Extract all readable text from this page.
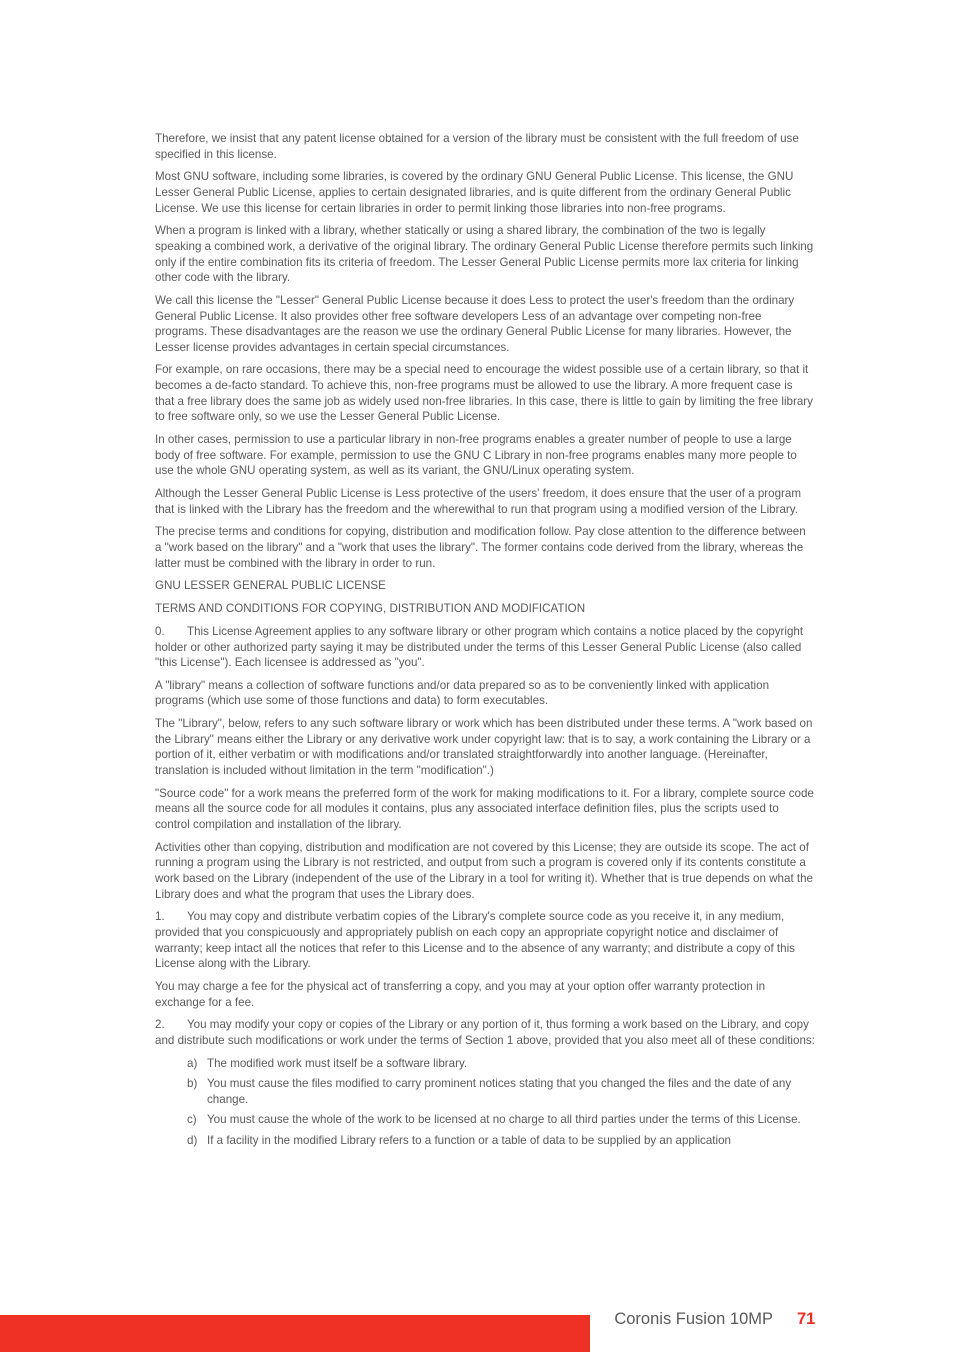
Therefore, we insist that any patent license obtained for a version of the library must be consistent with the full freedom of use specified in this license.

Most GNU software, including some libraries, is covered by the ordinary GNU General Public License. This license, the GNU Lesser General Public License, applies to certain designated libraries, and is quite different from the ordinary General Public License. We use this license for certain libraries in order to permit linking those libraries into non-free programs.

When a program is linked with a library, whether statically or using a shared library, the combination of the two is legally speaking a combined work, a derivative of the original library. The ordinary General Public License therefore permits such linking only if the entire combination fits its criteria of freedom. The Lesser General Public License permits more lax criteria for linking other code with the library.

We call this license the "Lesser" General Public License because it does Less to protect the user's freedom than the ordinary General Public License. It also provides other free software developers Less of an advantage over competing non-free programs. These disadvantages are the reason we use the ordinary General Public License for many libraries. However, the Lesser license provides advantages in certain special circumstances.

For example, on rare occasions, there may be a special need to encourage the widest possible use of a certain library, so that it becomes a de-facto standard. To achieve this, non-free programs must be allowed to use the library. A more frequent case is that a free library does the same job as widely used non-free libraries. In this case, there is little to gain by limiting the free library to free software only, so we use the Lesser General Public License.

In other cases, permission to use a particular library in non-free programs enables a greater number of people to use a large body of free software. For example, permission to use the GNU C Library in non-free programs enables many more people to use the whole GNU operating system, as well as its variant, the GNU/Linux operating system.

Although the Lesser General Public License is Less protective of the users' freedom, it does ensure that the user of a program that is linked with the Library has the freedom and the wherewithal to run that program using a modified version of the Library.

The precise terms and conditions for copying, distribution and modification follow. Pay close attention to the difference between a "work based on the library" and a "work that uses the library". The former contains code derived from the library, whereas the latter must be combined with the library in order to run.

GNU LESSER GENERAL PUBLIC LICENSE

TERMS AND CONDITIONS FOR COPYING, DISTRIBUTION AND MODIFICATION

0. This License Agreement applies to any software library or other program which contains a notice placed by the copyright holder or other authorized party saying it may be distributed under the terms of this Lesser General Public License (also called "this License"). Each licensee is addressed as "you".

A "library" means a collection of software functions and/or data prepared so as to be conveniently linked with application programs (which use some of those functions and data) to form executables.

The "Library", below, refers to any such software library or work which has been distributed under these terms. A "work based on the Library" means either the Library or any derivative work under copyright law: that is to say, a work containing the Library or a portion of it, either verbatim or with modifications and/or translated straightforwardly into another language. (Hereinafter, translation is included without limitation in the term "modification".)

"Source code" for a work means the preferred form of the work for making modifications to it. For a library, complete source code means all the source code for all modules it contains, plus any associated interface definition files, plus the scripts used to control compilation and installation of the library.

Activities other than copying, distribution and modification are not covered by this License; they are outside its scope. The act of running a program using the Library is not restricted, and output from such a program is covered only if its contents constitute a work based on the Library (independent of the use of the Library in a tool for writing it). Whether that is true depends on what the Library does and what the program that uses the Library does.

1. You may copy and distribute verbatim copies of the Library's complete source code as you receive it, in any medium, provided that you conspicuously and appropriately publish on each copy an appropriate copyright notice and disclaimer of warranty; keep intact all the notices that refer to this License and to the absence of any warranty; and distribute a copy of this License along with the Library.

You may charge a fee for the physical act of transferring a copy, and you may at your option offer warranty protection in exchange for a fee.

2. You may modify your copy or copies of the Library or any portion of it, thus forming a work based on the Library, and copy and distribute such modifications or work under the terms of Section 1 above, provided that you also meet all of these conditions:

a) The modified work must itself be a software library.
b) You must cause the files modified to carry prominent notices stating that you changed the files and the date of any change.
c) You must cause the whole of the work to be licensed at no charge to all third parties under the terms of this License.
d) If a facility in the modified Library refers to a function or a table of data to be supplied by an application
Coronis Fusion 10MP 71
